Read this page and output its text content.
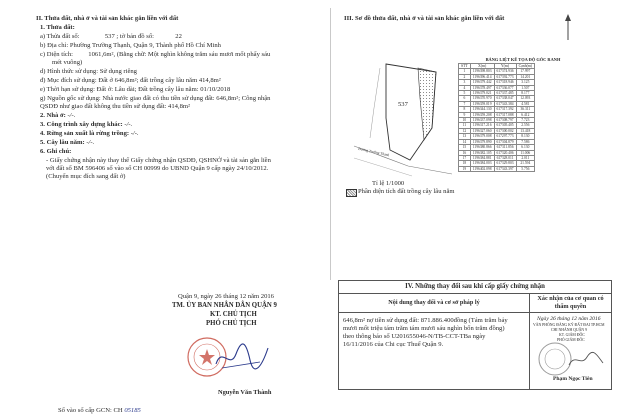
II. Thửa đất, nhà ở và tài sản khác gắn liền với đất
1. Thửa đất:
a) Thửa đất số:	537 ; tờ bản đồ số:	22
b) Địa chỉ: Phường Trường Thạnh, Quận 9, Thành phố Hồ Chí Minh
c) Diện tích: 1061,6m², (Bằng chữ: Một nghìn không trăm sáu mươi mốt phẩy sáu
mét vuông)
d) Hình thức sử dụng: Sử dụng riêng
đ) Mục đích sử dụng: Đất ở 646,8m²; đất trồng cây lâu năm 414,8m²
e) Thời hạn sử dụng: Đất ở: Lâu dài; Đất trồng cây lâu năm: 01/10/2018
g) Nguồn gốc sử dụng: Nhà nước giao đất có thu tiền sử dụng đất: 646,8m²; Công nhận
QSDĐ như giao đất không thu tiền sử dụng đất: 414,8m²
2. Nhà ở: -/-.
3. Công trình xây dựng khác: -/-.
4. Rừng sản xuất là rừng trồng: -/-.
5. Cây lâu năm: -/-.
6. Ghi chú:
- Giấy chứng nhận này thay thế Giấy chứng nhận QSDĐ, QSHNỞ và tài sản gắn liền
với đất số BM 596406 số vào sổ CH 00999 do UBND Quận 9 cấp ngày 24/10/2012.
(Chuyển mục đích sang đất ở)
Quận 9, ngày 26 tháng 12 năm 2016
TM. ỦY BAN NHÂN DÂN QUẬN 9
KT. CHỦ TỊCH
PHÓ CHỦ TỊCH
Nguyễn Văn Thành
Số vào sổ cấp GCN: CH 05185
III. Sơ đồ thửa đất, nhà ở và tài sản khác gắn liền với đất
537
Đường Trường Thạnh
Tỉ lệ 1/1000
Phần diện tích đất trồng cây lâu năm
BẢNG LIỆT KÊ TỌA ĐỘ GÓC RANH
STT	X(m)	Y(m)	Cạnh(m)
1	1196398.803	617374.936	17.997
2	1196396.414	617392.773	14.201
3	1196379.442	617318.946	3.125
4	1196378.497	617336.077	1.507
5	1196379.021	617337.485	8.177
6	1196370.970	617338.047	12.093
7	1196359.019	617343.384	4.581
8	1196344.130	617317.392	36.311
9	1196359.208	617317.088	6.412
10	1196337.098	617308.797	7.723
11	1196317.216	617305.405	2.556
12	1196327.060	617300.002	13.418
13	1196379.008	617297.773	8.130
14	1196379.890	617304.879	7.586
15	1196380.866	617311.856	6.130
16	1196382.105	617320.406	11.006
17	1196384.881	617328.011	2.011
18	1196384.003	617329.803	21.594
19	1196402.098	617343.397	5.756
IV. Những thay đổi sau khi cấp giấy chứng nhận
Nội dung thay đổi và cơ sở pháp lý
Xác nhận của cơ quan có thẩm quyền
646,8m² nợ tiền sử dụng đất: 871.886.400đồng (Tám trăm bảy
mươi mốt triệu tám trăm tám mươi sáu nghìn bốn trăm đồng)
theo thông báo số U201655046-N/TB-CCT-TBa ngày
16/11/2016 của Chi cục Thuế Quận 9.
Ngày 26 tháng 12 năm 2016
VĂN PHÒNG ĐĂNG KÝ ĐẤT ĐAI TP.HCM
CHI NHÁNH QUẬN 9
KT. GIÁM ĐỐC
PHÓ GIÁM ĐỐC
Phạm Ngọc Tiên
